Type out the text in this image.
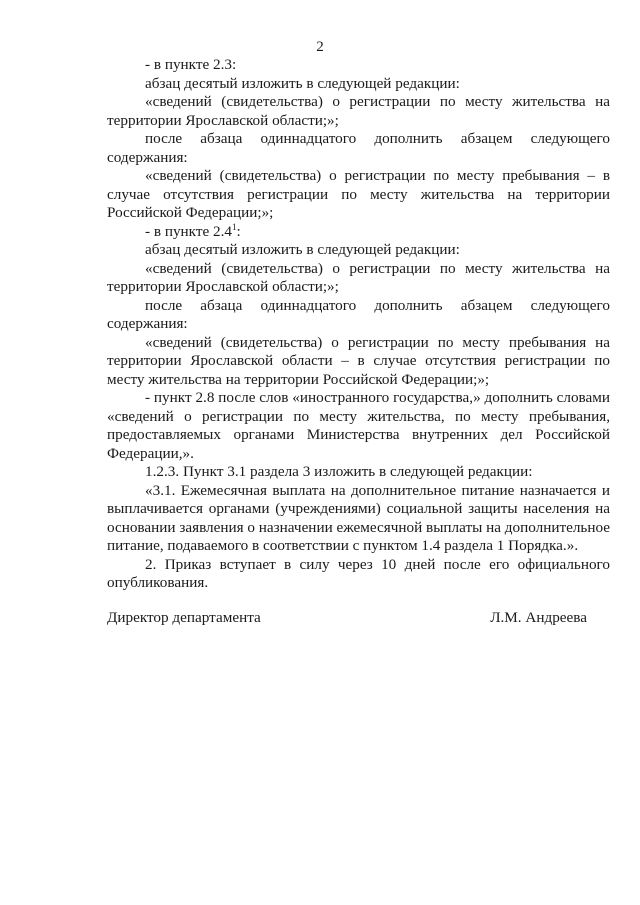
2

- в пункте 2.3:

абзац десятый изложить в следующей редакции:

«сведений (свидетельства) о регистрации по месту жительства на территории Ярославской области;»;

после абзаца одиннадцатого дополнить абзацем следующего содержания:

«сведений (свидетельства) о регистрации по месту пребывания – в случае отсутствия регистрации по месту жительства на территории Российской Федерации;»;

- в пункте $2.4^1$:

абзац десятый изложить в следующей редакции:

«сведений (свидетельства) о регистрации по месту жительства на территории Ярославской области;»;

после абзаца одиннадцатого дополнить абзацем следующего содержания:

«сведений (свидетельства) о регистрации по месту пребывания на территории Ярославской области – в случае отсутствия регистрации по месту жительства на территории Российской Федерации;»;

- пункт 2.8 после слов «иностранного государства,» дополнить словами «сведений о регистрации по месту жительства, по месту пребывания, предоставляемых органами Министерства внутренних дел Российской Федерации,».

1.2.3. Пункт 3.1 раздела 3 изложить в следующей редакции:

«3.1. Ежемесячная выплата на дополнительное питание назначается и выплачивается органами (учреждениями) социальной защиты населения на основании заявления о назначении ежемесячной выплаты на дополнительное питание, подаваемого в соответствии с пунктом 1.4 раздела 1 Порядка.».

2. Приказ вступает в силу через 10 дней после его официального опубликования.

Директор департамента	Л.М. Андреева
